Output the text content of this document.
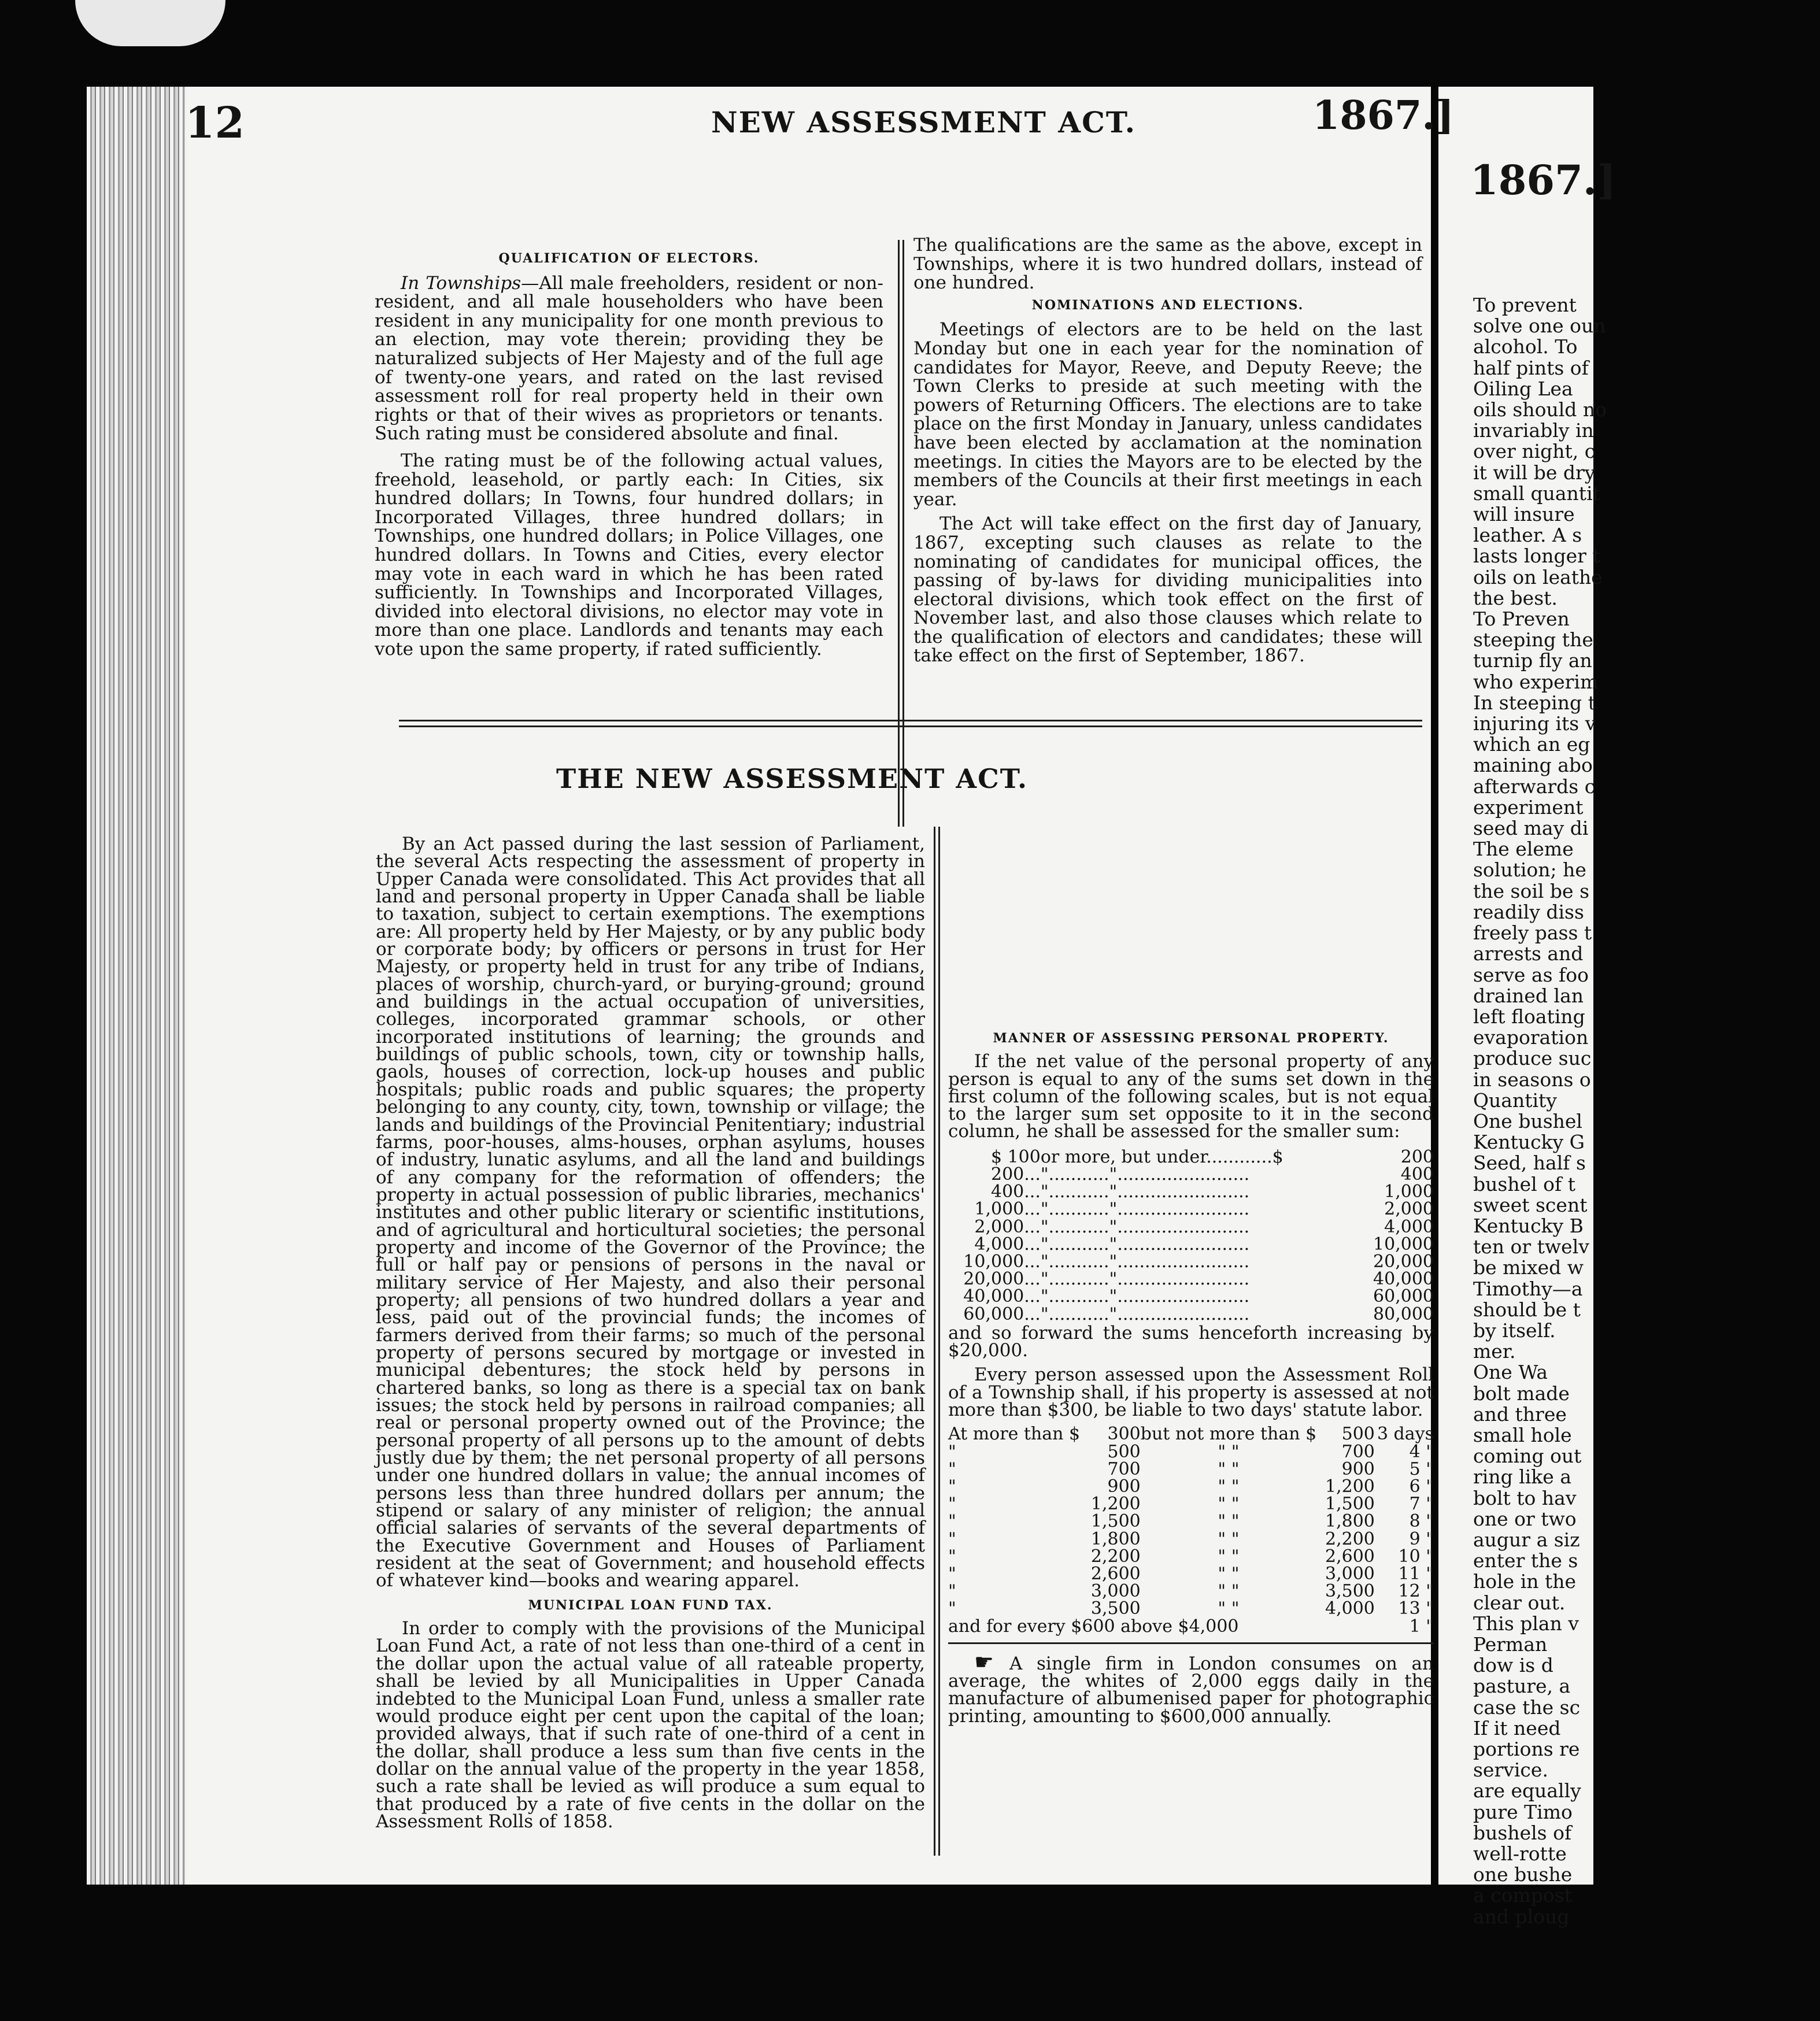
1867.]
To prevent
solve one oun
alcohol. To
half pints of
Oiling Lea
oils should no
invariably in
over night, c
it will be dry
small quantit
will insure
leather. A s
lasts longer t
oils on leathe
the best.
To Preven
steeping the
turnip fly an
who experim
In steeping t
injuring its v
which an eg
maining abo
afterwards c
experiment
seed may di
The eleme
solution; he
the soil be s
readily diss
freely pass t
arrests and
serve as foo
drained lan
left floating
evaporation
produce suc
in seasons o
Quantity
One bushel
Kentucky G
Seed, half s
bushel of t
sweet scent
Kentucky B
ten or twelv
be mixed w
Timothy—a
should be t
by itself.
mer.
One Wa
bolt made
and three
small hole
coming out
ring like a
bolt to hav
one or two
augur a siz
enter the s
hole in the
clear out.
This plan v
Perman
dow is d
pasture, a
case the sc
If it need
portions re
service.
are equally
pure Timo
bushels of
well-rotte
one bushe
a compost
and ploug
12	NEW ASSESSMENT ACT.	1867.]
QUALIFICATION OF ELECTORS.

In Townships—All male freeholders, resident or non-resident, and all male householders who have been resident in any municipality for one month previous to an election, may vote therein; providing they be naturalized subjects of Her Majesty and of the full age of twenty-one years, and rated on the last revised assessment roll for real property held in their own rights or that of their wives as proprietors or tenants. Such rating must be considered absolute and final.

The rating must be of the following actual values, freehold, leasehold, or partly each: In Cities, six hundred dollars; In Towns, four hundred dollars; in Incorporated Villages, three hundred dollars; in Townships, one hundred dollars; in Police Villages, one hundred dollars. In Towns and Cities, every elector may vote in each ward in which he has been rated sufficiently. In Townships and Incorporated Villages, divided into electoral divisions, no elector may vote in more than one place. Landlords and tenants may each vote upon the same property, if rated sufficiently.

The qualifications are the same as the above, except in Townships, where it is two hundred dollars, instead of one hundred.

NOMINATIONS AND ELECTIONS.

Meetings of electors are to be held on the last Monday but one in each year for the nomination of candidates for Mayor, Reeve, and Deputy Reeve; the Town Clerks to preside at such meeting with the powers of Returning Officers. The elections are to take place on the first Monday in January, unless candidates have been elected by acclamation at the nomination meetings. In cities the Mayors are to be elected by the members of the Councils at their first meetings in each year.

The Act will take effect on the first day of January, 1867, excepting such clauses as relate to the nominating of candidates for municipal offices, the passing of by-laws for dividing municipalities into electoral divisions, which took effect on the first of November last, and also those clauses which relate to the qualification of electors and candidates; these will take effect on the first of September, 1867.

THE NEW ASSESSMENT ACT.

By an Act passed during the last session of Parliament, the several Acts respecting the assessment of property in Upper Canada were consolidated. This Act provides that all land and personal property in Upper Canada shall be liable to taxation, subject to certain exemptions. The exemptions are: All property held by Her Majesty, or by any public body or corporate body; by officers or persons in trust for Her Majesty, or property held in trust for any tribe of Indians, places of worship, church-yard, or burying-ground; ground and buildings in the actual occupation of universities, colleges, incorporated grammar schools, or other incorporated institutions of learning; the grounds and buildings of public schools, town, city or township halls, gaols, houses of correction, lock-up houses and public hospitals; public roads and public squares; the property belonging to any county, city, town, township or village; the lands and buildings of the Provincial Penitentiary; industrial farms, poor-houses, alms-houses, orphan asylums, houses of industry, lunatic asylums, and all the land and buildings of any company for the reformation of offenders; the property in actual possession of public libraries, mechanics' institutes and other public literary or scientific institutions, and of agricultural and horticultural societies; the personal property and income of the Governor of the Province; the full or half pay or pensions of persons in the naval or military service of Her Majesty, and also their personal property; all pensions of two hundred dollars a year and less, paid out of the provincial funds; the incomes of farmers derived from their farms; so much of the personal property of persons secured by mortgage or invested in municipal debentures; the stock held by persons in chartered banks, so long as there is a special tax on bank issues; the stock held by persons in railroad companies; all real or personal property owned out of the Province; the personal property of all persons up to the amount of debts justly due by them; the net personal property of all persons under one hundred dollars in value; the annual incomes of persons less than three hundred dollars per annum; the stipend or salary of any minister of religion; the annual official salaries of servants of the several departments of the Executive Government and Houses of Parliament resident at the seat of Government; and household effects of whatever kind—books and wearing apparel.

MUNICIPAL LOAN FUND TAX.

In order to comply with the provisions of the Municipal Loan Fund Act, a rate of not less than one-third of a cent in the dollar upon the actual value of all rateable property, shall be levied by all Municipalities in Upper Canada indebted to the Municipal Loan Fund, unless a smaller rate would produce eight per cent upon the capital of the loan; provided always, that if such rate of one-third of a cent in the dollar, shall produce a less sum than five cents in the dollar on the annual value of the property in the year 1858, such a rate shall be levied as will produce a sum equal to that produced by a rate of five cents in the dollar on the Assessment Rolls of 1858.

MANNER OF ASSESSING PERSONAL PROPERTY.

If the net value of the personal property of any person is equal to any of the sums set down in the first column of the following scales, but is not equal to the larger sum set opposite to it in the second column, he shall be assessed for the smaller sum:

$ 100	or more, but under............$	200
200...	"..........."........................	400
400...	"..........."........................	1,000
1,000...	"..........."........................	2,000
2,000...	"..........."........................	4,000
4,000...	"..........."........................	10,000
10,000...	"..........."........................	20,000
20,000...	"..........."........................	40,000
40,000...	"..........."........................	60,000
60,000...	"..........."........................	80,000

and so forward the sums henceforth increasing by $20,000.

Every person assessed upon the Assessment Roll of a Township shall, if his property is assessed at not more than $300, be liable to two days' statute labor.

At more than $	300	but not more than $	500	3 days
"	500	" "	700	4 "
"	700	" "	900	5 "
"	900	" "	1,200	6 "
"	1,200	" "	1,500	7 "
"	1,500	" "	1,800	8 "
"	1,800	" "	2,200	9 "
"	2,200	" "	2,600	10 "
"	2,600	" "	3,000	11 "
"	3,000	" "	3,500	12 "
"	3,500	" "	4,000	13 "
and for every $600 above $4,000	1 "

☛ A single firm in London consumes on an average, the whites of 2,000 eggs daily in the manufacture of albumenised paper for photographic printing, amounting to $600,000 annually.
